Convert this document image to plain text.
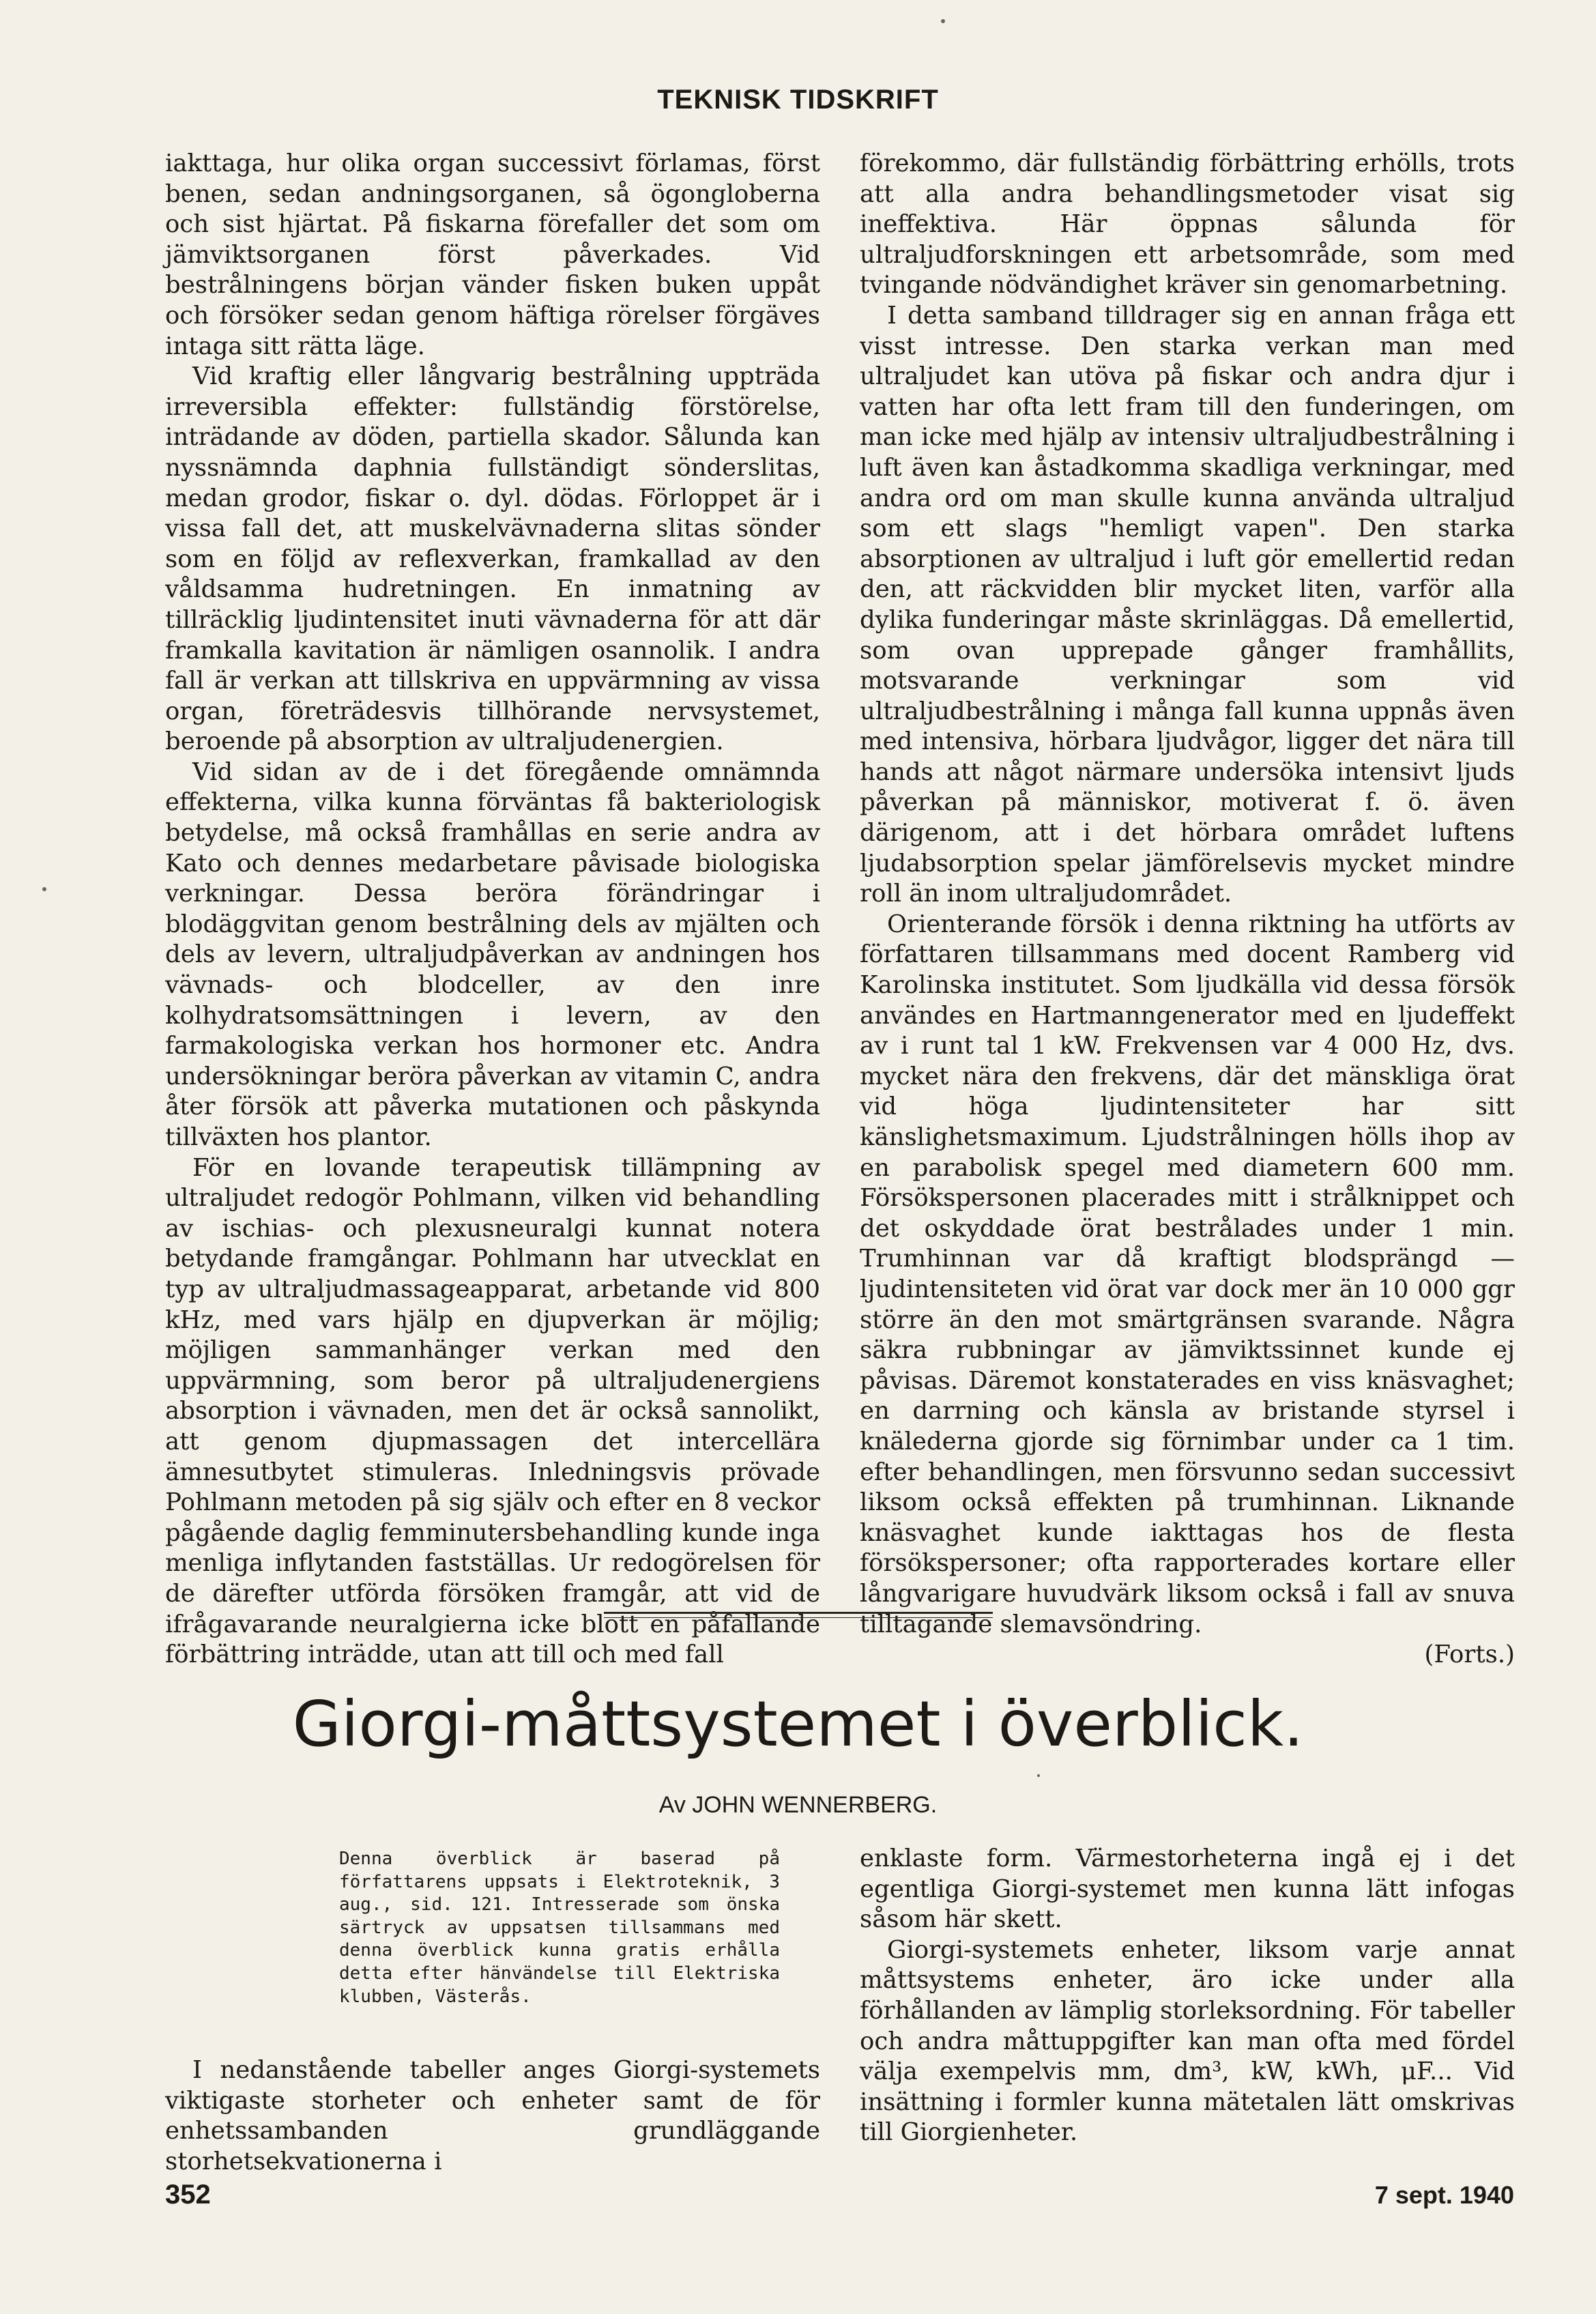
TEKNISK TIDSKRIFT

iakttaga, hur olika organ successivt förlamas, först benen, sedan andningsorganen, så ögongloberna och sist hjärtat. På fiskarna förefaller det som om jämviktsorganen först påverkades. Vid bestrålningens början vänder fisken buken uppåt och försöker sedan genom häftiga rörelser förgäves intaga sitt rätta läge.

Vid kraftig eller långvarig bestrålning uppträda irreversibla effekter: fullständig förstörelse, inträdande av döden, partiella skador. Sålunda kan nyssnämnda daphnia fullständigt sönderslitas, medan grodor, fiskar o. dyl. dödas. Förloppet är i vissa fall det, att muskelvävnaderna slitas sönder som en följd av reflexverkan, framkallad av den våldsamma hudretningen. En inmatning av tillräcklig ljudintensitet inuti vävnaderna för att där framkalla kavitation är nämligen osannolik. I andra fall är verkan att tillskriva en uppvärmning av vissa organ, företrädesvis tillhörande nervsystemet, beroende på absorption av ultraljudenergien.

Vid sidan av de i det föregående omnämnda effekterna, vilka kunna förväntas få bakteriologisk betydelse, må också framhållas en serie andra av Kato och dennes medarbetare påvisade biologiska verkningar. Dessa beröra förändringar i blodäggvitan genom bestrålning dels av mjälten och dels av levern, ultraljudpåverkan av andningen hos vävnads- och blodceller, av den inre kolhydratsomsättningen i levern, av den farmakologiska verkan hos hormoner etc. Andra undersökningar beröra påverkan av vitamin C, andra åter försök att påverka mutationen och påskynda tillväxten hos plantor.

För en lovande terapeutisk tillämpning av ultraljudet redogör Pohlmann, vilken vid behandling av ischias- och plexusneuralgi kunnat notera betydande framgångar. Pohlmann har utvecklat en typ av ultraljudmassageapparat, arbetande vid 800 kHz, med vars hjälp en djupverkan är möjlig; möjligen sammanhänger verkan med den uppvärmning, som beror på ultraljudenergiens absorption i vävnaden, men det är också sannolikt, att genom djupmassagen det intercellära ämnesutbytet stimuleras. Inledningsvis prövade Pohlmann metoden på sig själv och efter en 8 veckor pågående daglig femminutersbehandling kunde inga menliga inflytanden fastställas. Ur redogörelsen för de därefter utförda försöken framgår, att vid de ifrågavarande neuralgierna icke blott en påfallande förbättring inträdde, utan att till och med fall

förekommo, där fullständig förbättring erhölls, trots att alla andra behandlingsmetoder visat sig ineffektiva. Här öppnas sålunda för ultraljudforskningen ett arbetsområde, som med tvingande nödvändighet kräver sin genomarbetning.

I detta samband tilldrager sig en annan fråga ett visst intresse. Den starka verkan man med ultraljudet kan utöva på fiskar och andra djur i vatten har ofta lett fram till den funderingen, om man icke med hjälp av intensiv ultraljudbestrålning i luft även kan åstadkomma skadliga verkningar, med andra ord om man skulle kunna använda ultraljud som ett slags "hemligt vapen". Den starka absorptionen av ultraljud i luft gör emellertid redan den, att räckvidden blir mycket liten, varför alla dylika funderingar måste skrinläggas. Då emellertid, som ovan upprepade gånger framhållits, motsvarande verkningar som vid ultraljudbestrålning i många fall kunna uppnås även med intensiva, hörbara ljudvågor, ligger det nära till hands att något närmare undersöka intensivt ljuds påverkan på människor, motiverat f. ö. även därigenom, att i det hörbara området luftens ljudabsorption spelar jämförelsevis mycket mindre roll än inom ultraljudområdet.

Orienterande försök i denna riktning ha utförts av författaren tillsammans med docent Ramberg vid Karolinska institutet. Som ljudkälla vid dessa försök användes en Hartmanngenerator med en ljudeffekt av i runt tal 1 kW. Frekvensen var 4 000 Hz, dvs. mycket nära den frekvens, där det mänskliga örat vid höga ljudintensiteter har sitt känslighetsmaximum. Ljudstrålningen hölls ihop av en parabolisk spegel med diametern 600 mm. Försökspersonen placerades mitt i strålknippet och det oskyddade örat bestrålades under 1 min. Trumhinnan var då kraftigt blodsprängd — ljudintensiteten vid örat var dock mer än 10 000 ggr större än den mot smärtgränsen svarande. Några säkra rubbningar av jämviktssinnet kunde ej påvisas. Däremot konstaterades en viss knäsvaghet; en darrning och känsla av bristande styrsel i knälederna gjorde sig förnimbar under ca 1 tim. efter behandlingen, men försvunno sedan successivt liksom också effekten på trumhinnan. Liknande knäsvaghet kunde iakttagas hos de flesta försökspersoner; ofta rapporterades kortare eller långvarigare huvudvärk liksom också i fall av snuva tilltagande slemavsöndring.

(Forts.)

Giorgi-måttsystemet i överblick.
Av JOHN WENNERBERG.

Denna överblick är baserad på författarens uppsats i Elektroteknik, 3 aug., sid. 121. Intresserade som önska särtryck av uppsatsen tillsammans med denna överblick kunna gratis erhålla detta efter hänvändelse till Elektriska klubben, Västerås.

I nedanstående tabeller anges Giorgi-systemets viktigaste storheter och enheter samt de för enhetssambanden grundläggande storhetsekvationerna i

enklaste form. Värmestorheterna ingå ej i det egentliga Giorgi-systemet men kunna lätt infogas såsom här skett.

Giorgi-systemets enheter, liksom varje annat måttsystems enheter, äro icke under alla förhållanden av lämplig storleksordning. För tabeller och andra måttuppgifter kan man ofta med fördel välja exempelvis mm, dm³, kW, kWh, μF... Vid insättning i formler kunna mätetalen lätt omskrivas till Giorgienheter.

352	7 sept. 1940
